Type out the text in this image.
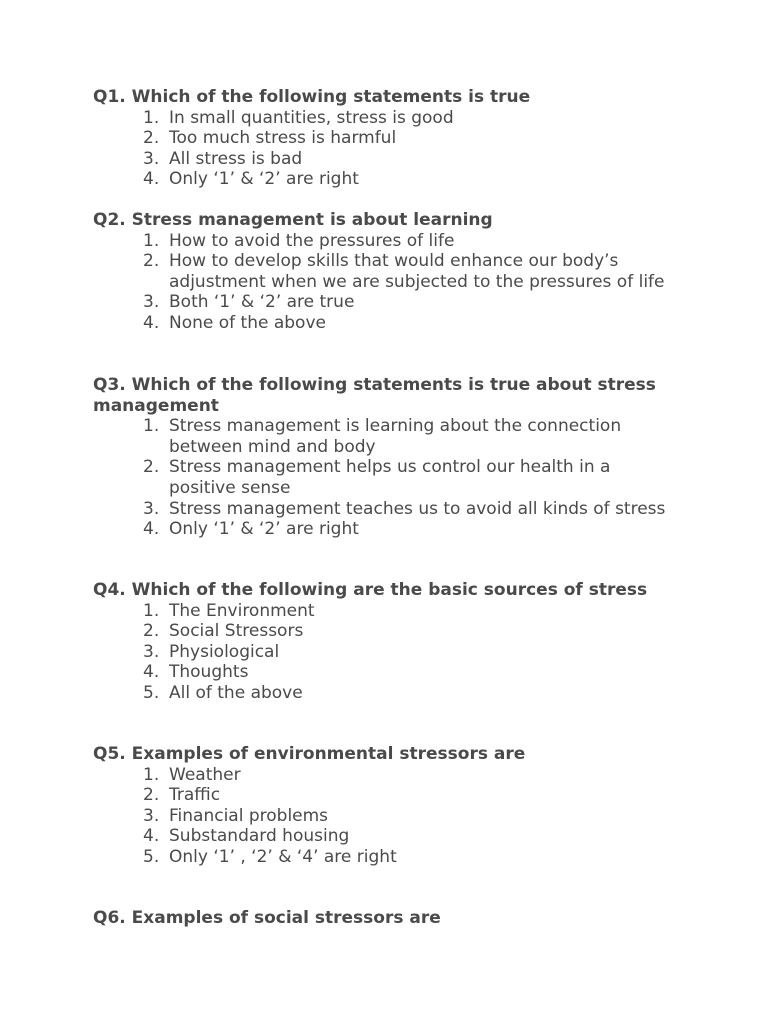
Q1. Which of the following statements is true

1. In small quantities, stress is good
2. Too much stress is harmful
3. All stress is bad
4. Only ‘1’ & ‘2’ are right

Q2. Stress management is about learning

1. How to avoid the pressures of life
2. How to develop skills that would enhance our body’s adjustment when we are subjected to the pressures of life
3. Both ‘1’ & ‘2’ are true
4. None of the above

Q3. Which of the following statements is true about stress management

1. Stress management is learning about the connection between mind and body
2. Stress management helps us control our health in a positive sense
3. Stress management teaches us to avoid all kinds of stress
4. Only ‘1’ & ‘2’ are right

Q4. Which of the following are the basic sources of stress

1. The Environment
2. Social Stressors
3. Physiological
4. Thoughts
5. All of the above

Q5. Examples of environmental stressors are

1. Weather
2. Traffic
3. Financial problems
4. Substandard housing
5. Only ‘1’ , ‘2’ & ‘4’ are right

Q6. Examples of social stressors are
